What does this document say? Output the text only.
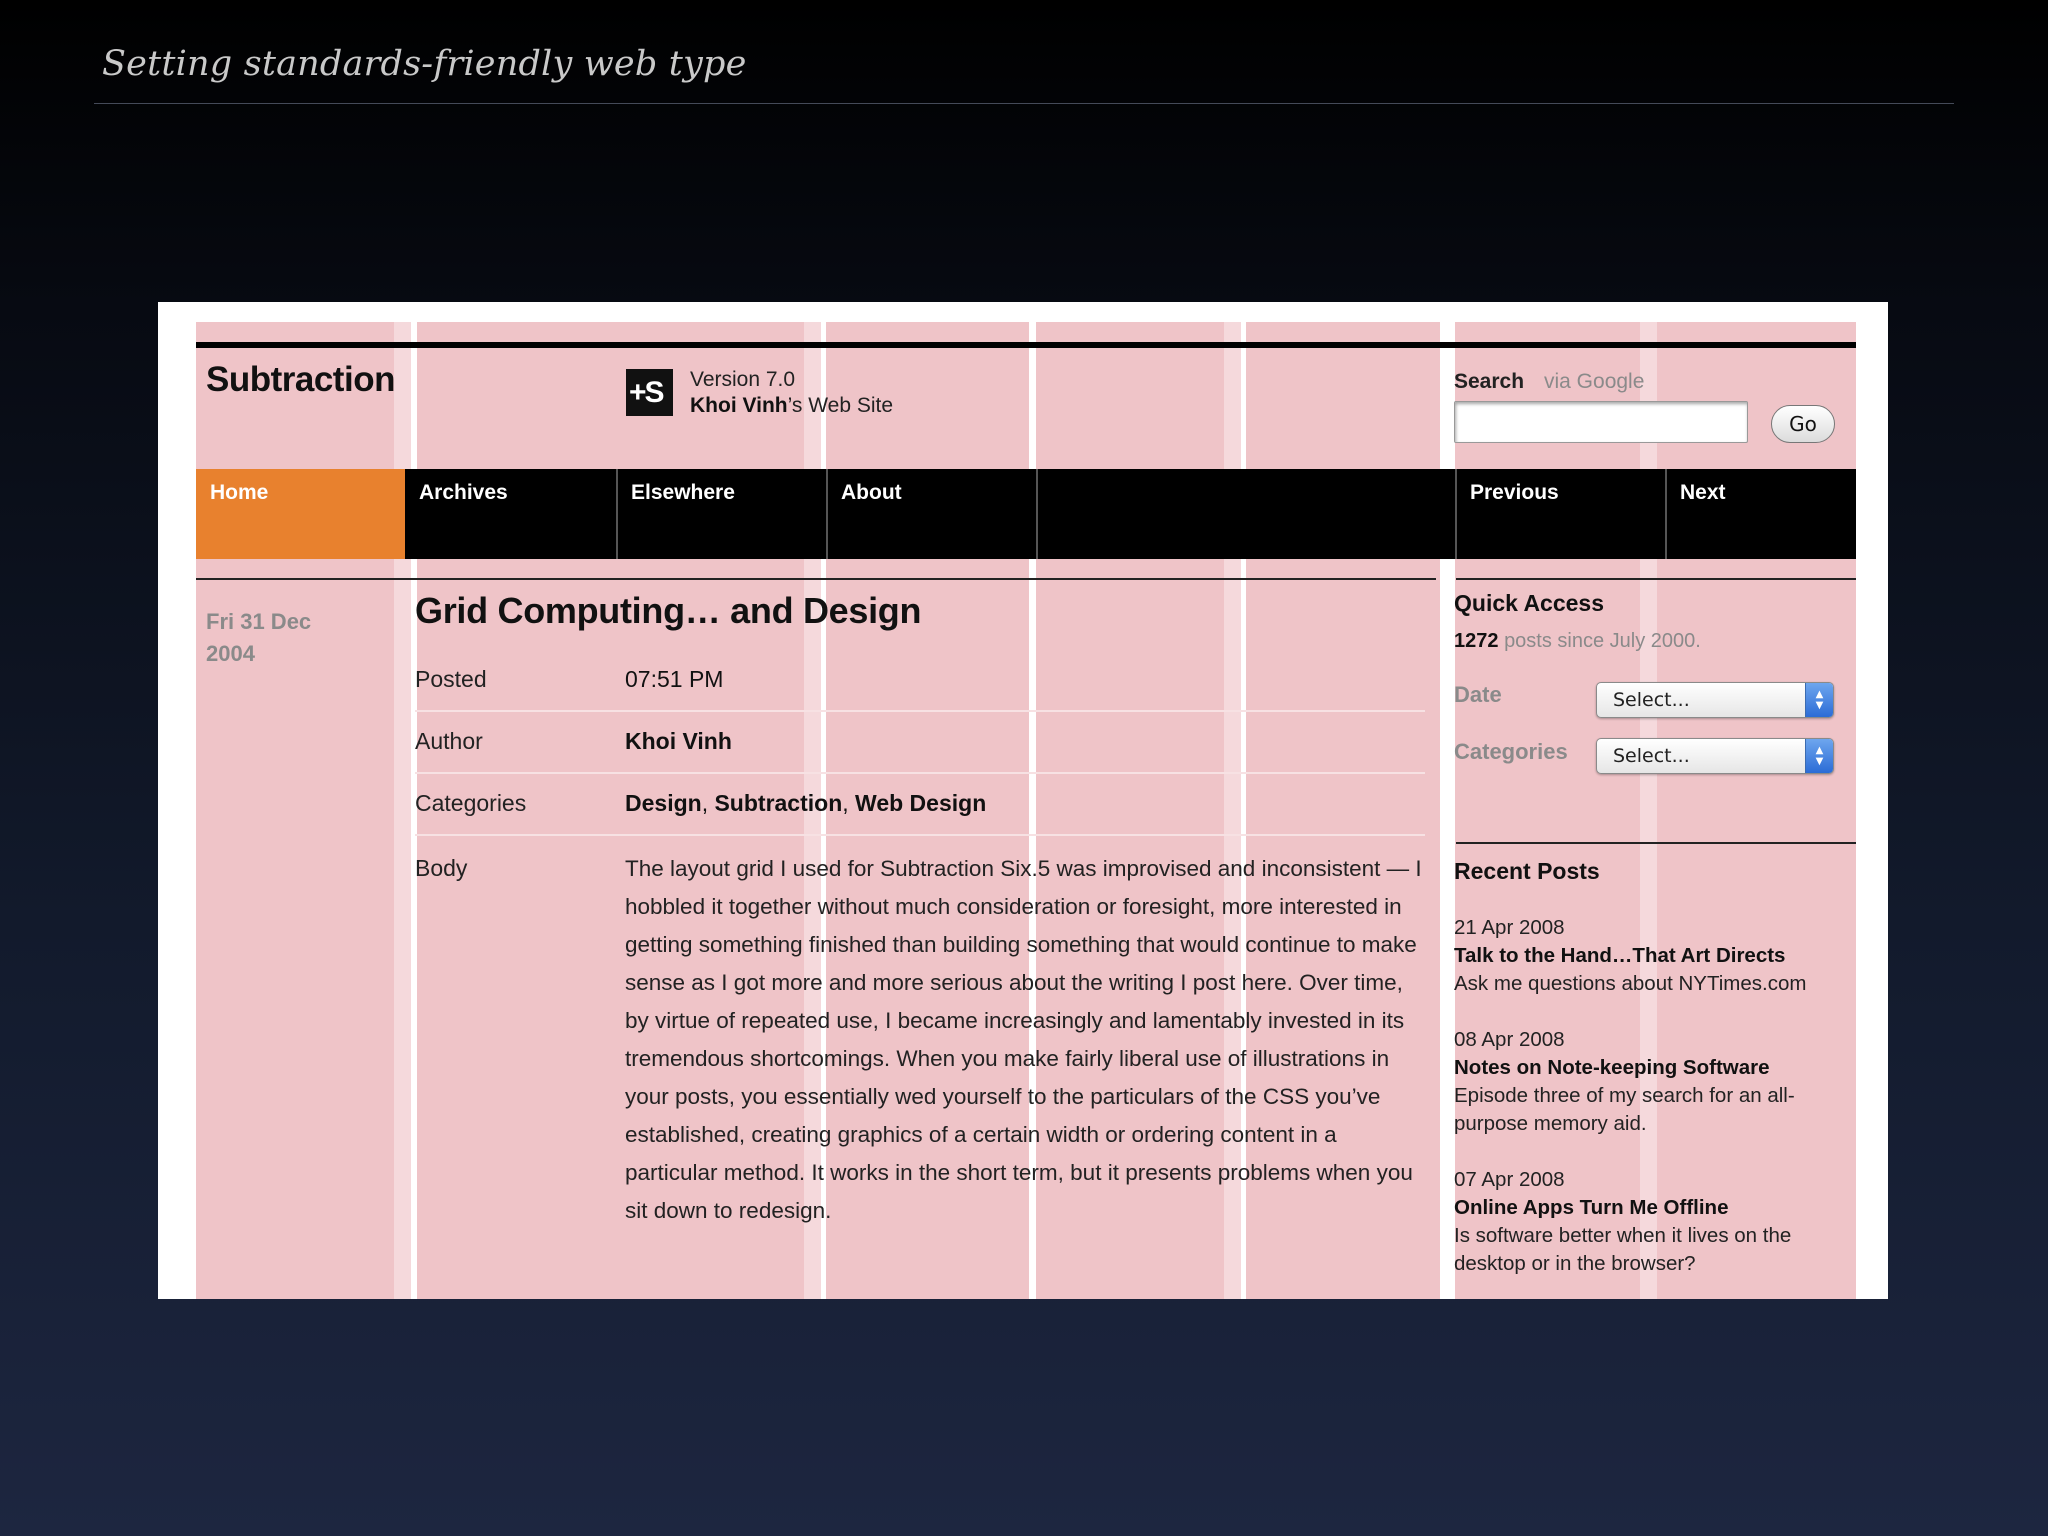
Setting standards-friendly web type
Subtraction	+S	Version 7.0
Khoi Vinh’s Web Site
Search via Google
Go
Home	Archives	Elsewhere	About	Previous	Next
Fri 31 Dec
2004
Grid Computing… and Design
Posted	07:51 PM
Author	Khoi Vinh
Categories	Design, Subtraction, Web Design
Body	The layout grid I used for Subtraction Six.5 was improvised and inconsistent — I hobbled it together without much consideration or foresight, more interested in getting something finished than building something that would continue to make sense as I got more and more serious about the writing I post here. Over time, by virtue of repeated use, I became increasingly and lamentably invested in its tremendous shortcomings. When you make fairly liberal use of illustrations in your posts, you essentially wed yourself to the particulars of the CSS you’ve established, creating graphics of a certain width or ordering content in a particular method. It works in the short term, but it presents problems when you sit down to redesign.
Quick Access
1272 posts since July 2000.
Date	Select...	▲
▼
Categories	Select...	▲
▼
Recent Posts
21 Apr 2008
Talk to the Hand…That Art Directs
Ask me questions about NYTimes.com
08 Apr 2008
Notes on Note-keeping Software
Episode three of my search for an all-purpose memory aid.
07 Apr 2008
Online Apps Turn Me Offline
Is software better when it lives on the desktop or in the browser?
